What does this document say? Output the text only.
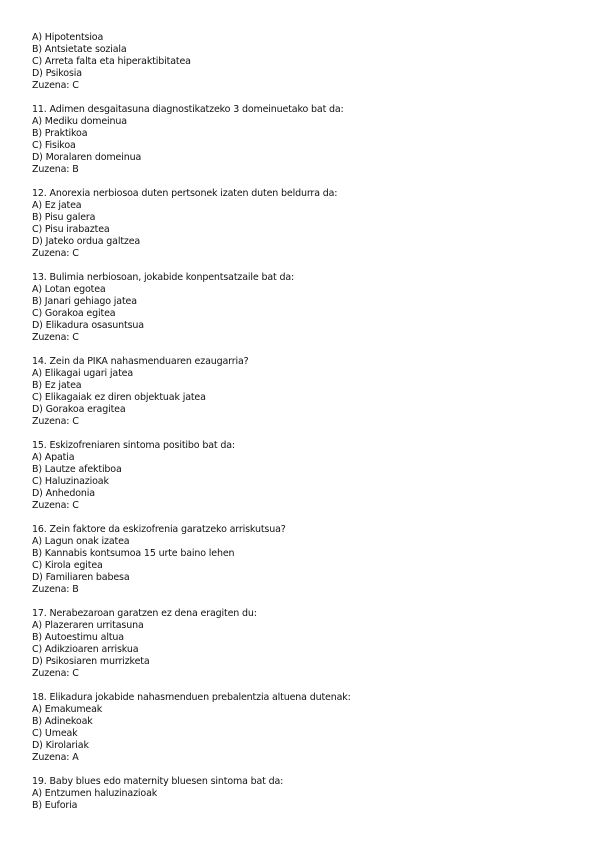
A) Hipotentsioa
B) Antsietate soziala
C) Arreta falta eta hiperaktibitatea
D) Psikosia
Zuzena: C
11. Adimen desgaitasuna diagnostikatzeko 3 domeinuetako bat da:
A) Mediku domeinua
B) Praktikoa
C) Fisikoa
D) Moralaren domeinua
Zuzena: B
12. Anorexia nerbiosoa duten pertsonek izaten duten beldurra da:
A) Ez jatea
B) Pisu galera
C) Pisu irabaztea
D) Jateko ordua galtzea
Zuzena: C
13. Bulimia nerbiosoan, jokabide konpentsatzaile bat da:
A) Lotan egotea
B) Janari gehiago jatea
C) Gorakoa egitea
D) Elikadura osasuntsua
Zuzena: C
14. Zein da PIKA nahasmenduaren ezaugarria?
A) Elikagai ugari jatea
B) Ez jatea
C) Elikagaiak ez diren objektuak jatea
D) Gorakoa eragitea
Zuzena: C
15. Eskizofreniaren sintoma positibo bat da:
A) Apatia
B) Lautze afektiboa
C) Haluzinazioak
D) Anhedonia
Zuzena: C
16. Zein faktore da eskizofrenia garatzeko arriskutsua?
A) Lagun onak izatea
B) Kannabis kontsumoa 15 urte baino lehen
C) Kirola egitea
D) Familiaren babesa
Zuzena: B
17. Nerabezaroan garatzen ez dena eragiten du:
A) Plazeraren urritasuna
B) Autoestimu altua
C) Adikzioaren arriskua
D) Psikosiaren murrizketa
Zuzena: C
18. Elikadura jokabide nahasmenduen prebalentzia altuena dutenak:
A) Emakumeak
B) Adinekoak
C) Umeak
D) Kirolariak
Zuzena: A
19. Baby blues edo maternity bluesen sintoma bat da:
A) Entzumen haluzinazioak
B) Euforia
